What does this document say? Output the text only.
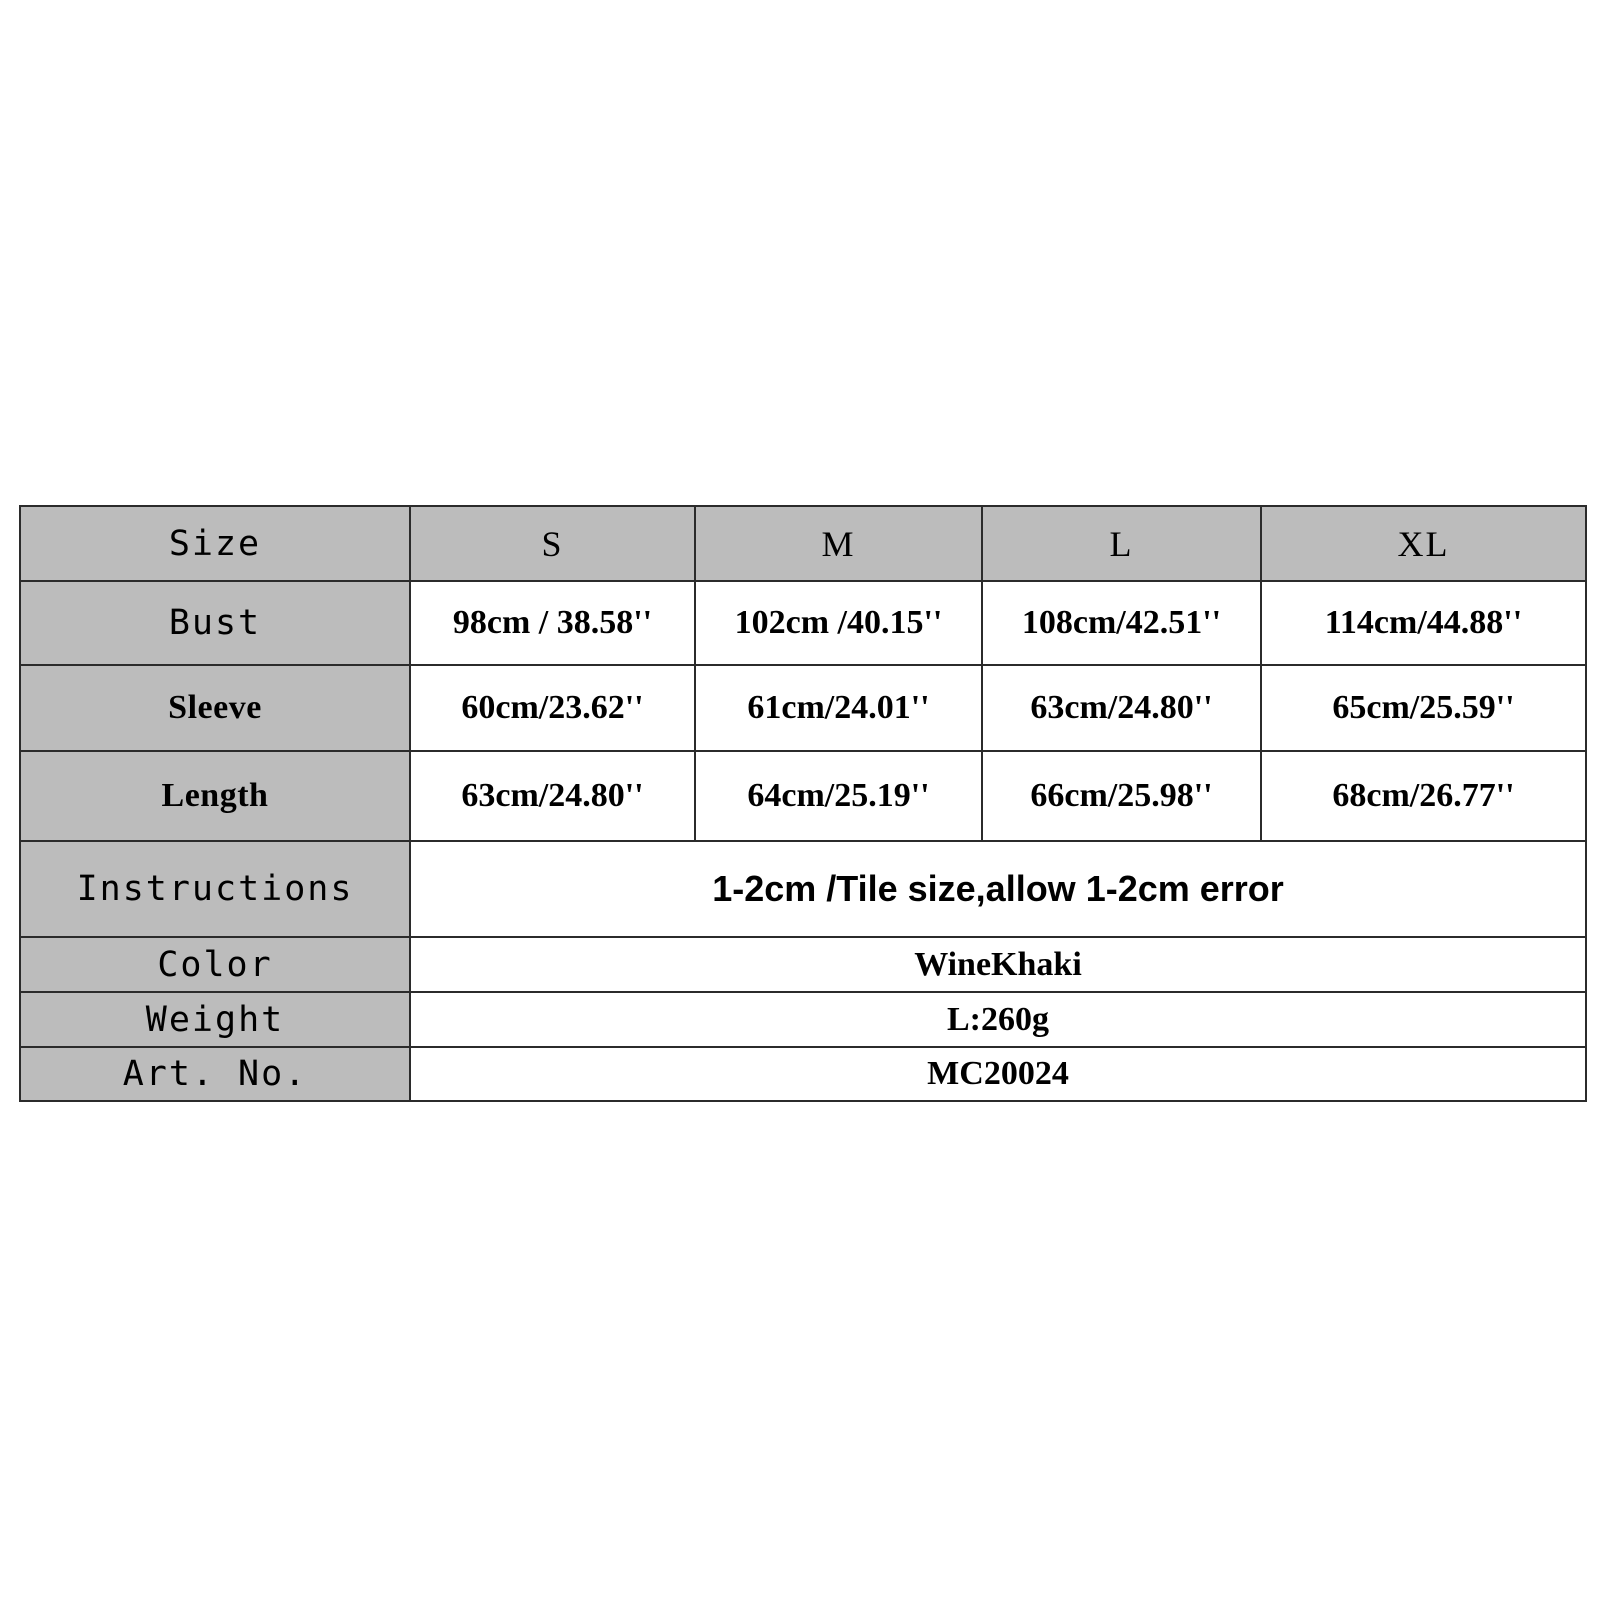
Size	S	M	L	XL
Bust	98cm / 38.58''	102cm /40.15''	108cm/42.51''	114cm/44.88''
Sleeve	60cm/23.62''	61cm/24.01''	63cm/24.80''	65cm/25.59''
Length	63cm/24.80''	64cm/25.19''	66cm/25.98''	68cm/26.77''
Instructions	1-2cm /Tile size,allow 1-2cm error			
Color	WineKhaki			
Weight	L:260g			
Art. No.	MC20024			
